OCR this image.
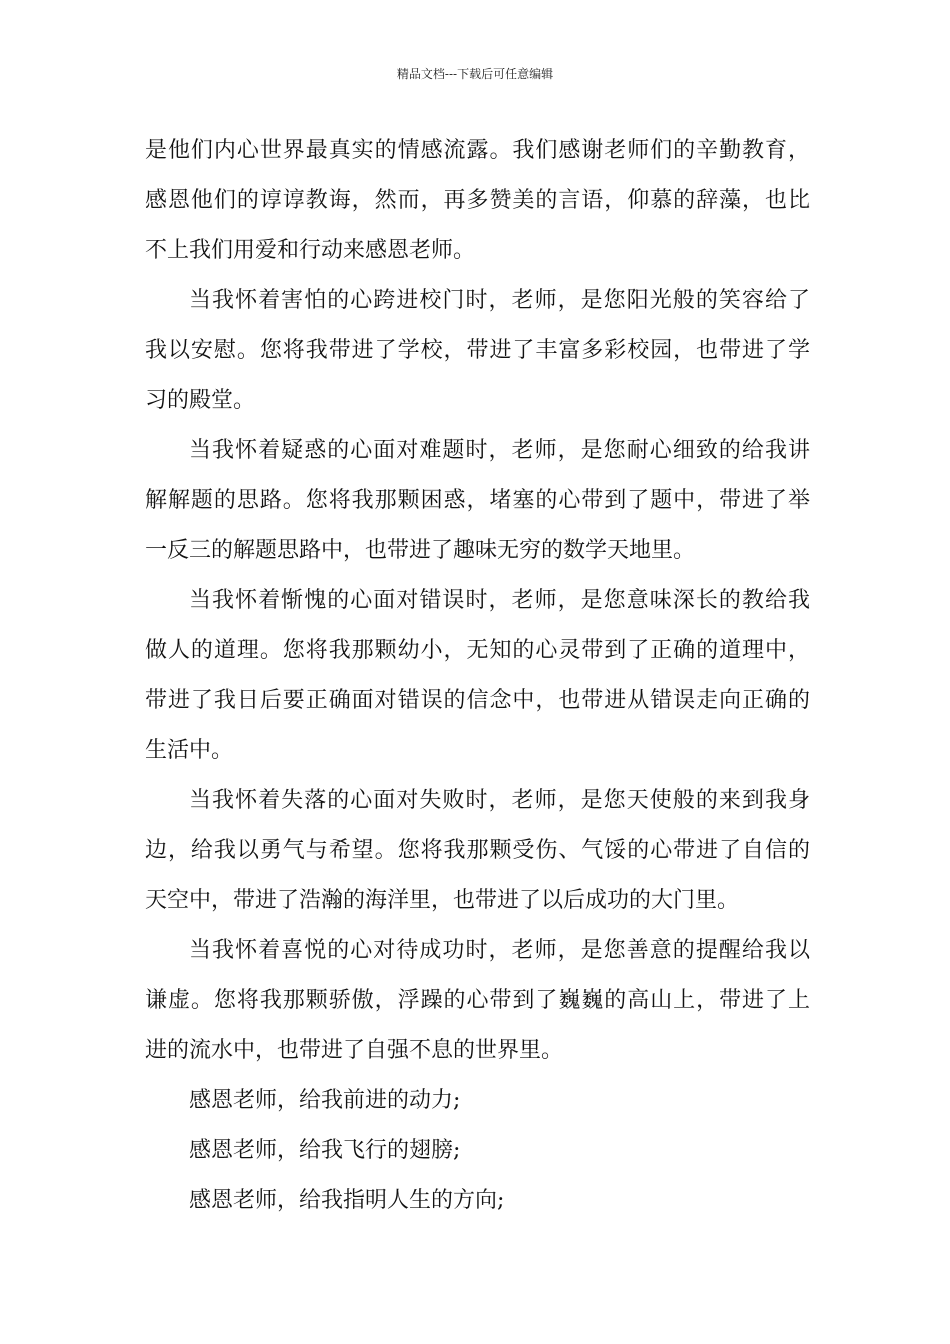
精品文档---下载后可任意编辑
是他们内心世界最真实的情感流露。我们感谢老师们的辛勤教育，
感恩他们的谆谆教诲，然而，再多赞美的言语，仰慕的辞藻，也比
不上我们用爱和行动来感恩老师。
当我怀着害怕的心跨进校门时，老师，是您阳光般的笑容给了
我以安慰。您将我带进了学校，带进了丰富多彩校园，也带进了学
习的殿堂。
当我怀着疑惑的心面对难题时，老师，是您耐心细致的给我讲
解解题的思路。您将我那颗困惑，堵塞的心带到了题中，带进了举
一反三的解题思路中，也带进了趣味无穷的数学天地里。
当我怀着惭愧的心面对错误时，老师，是您意味深长的教给我
做人的道理。您将我那颗幼小，无知的心灵带到了正确的道理中，
带进了我日后要正确面对错误的信念中，也带进从错误走向正确的
生活中。
当我怀着失落的心面对失败时，老师，是您天使般的来到我身
边，给我以勇气与希望。您将我那颗受伤、气馁的心带进了自信的
天空中，带进了浩瀚的海洋里，也带进了以后成功的大门里。
当我怀着喜悦的心对待成功时，老师，是您善意的提醒给我以
谦虚。您将我那颗骄傲，浮躁的心带到了巍巍的高山上，带进了上
进的流水中，也带进了自强不息的世界里。
感恩老师，给我前进的动力;
感恩老师，给我飞行的翅膀;
感恩老师，给我指明人生的方向;
